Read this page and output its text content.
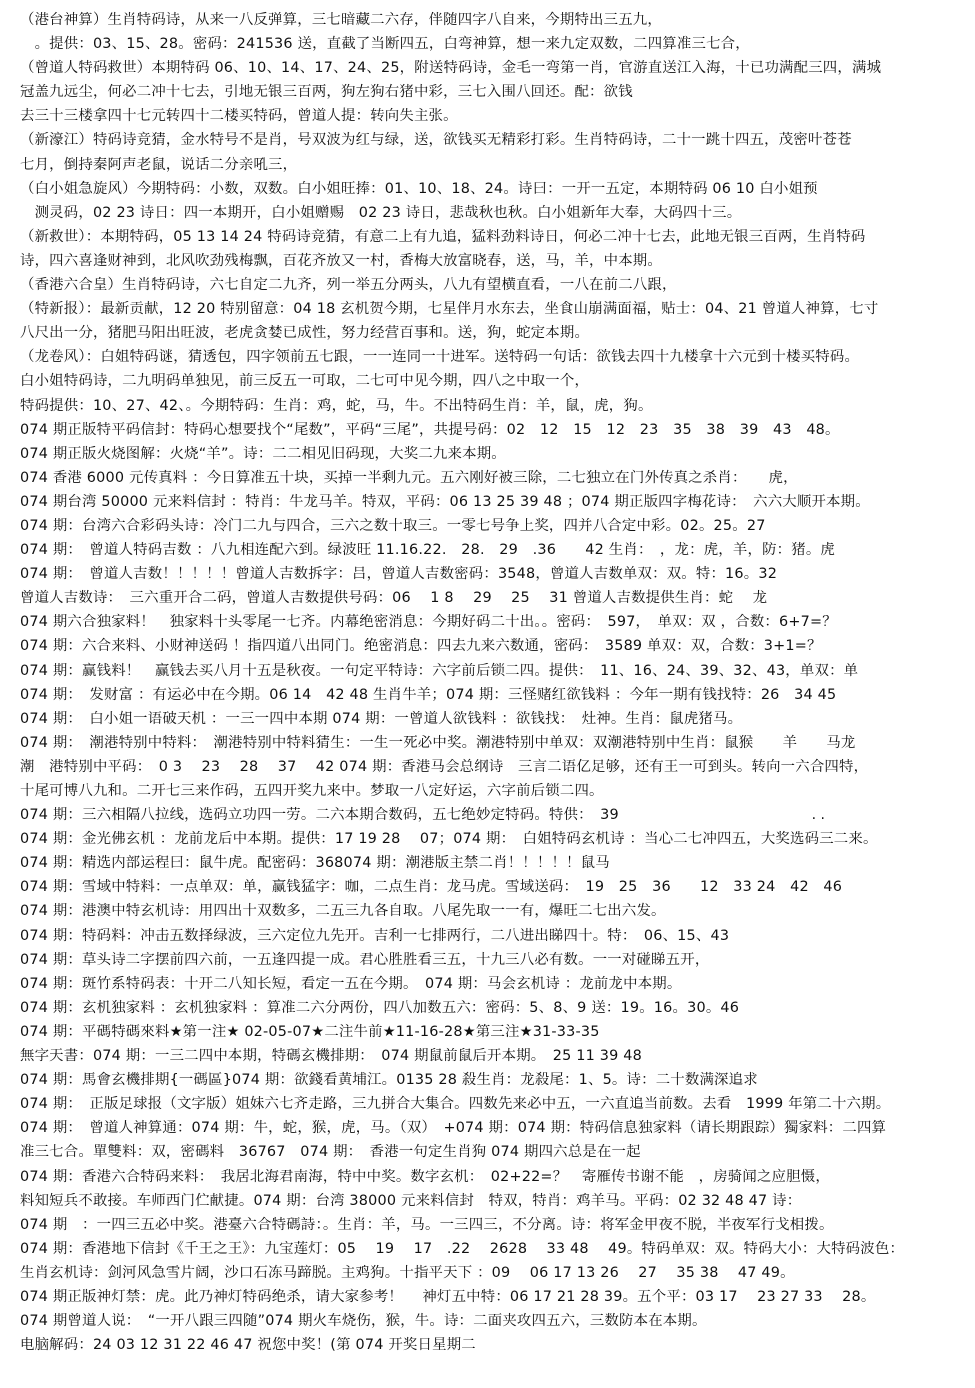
（港台神算）生肖特码诗，从来一八反弹算，三七暗藏二六存，伴随四字八自来，今期特出三五九，
　。提供：03、15、28。密码：241536 送，直截了当断四五，白弯神算，想一来九定双数，二四算准三七合，
（曾道人特码救世）本期特码 06、10、14、17、24、25，附送特码诗，金毛一弯第一肖，官游直送江入海，十已功满配三四，满城
冠盖九远尘，何必二冲十七去，引地无银三百两，狗左狗右猪中彩，三七入围八回还。配：欲钱
去三十三楼拿四十七元转四十二楼买特码，曾道人提：转向失主张。
（新濠江）特码诗竞猜，金水特号不是肖，号双波为红与绿，送，欲钱买无精彩打彩。生肖特码诗，二十一跳十四五，茂密叶苍苍
七月，倒持秦阿声老鼠，说话二分亲吼三，
（白小姐急旋风）今期特码：小数，双数。白小姐旺捧：01、10、18、24。诗曰：一开一五定，本期特码 06 10 白小姐预
　测灵码，02 23 诗日：四一本期开，白小姐赠赐　02 23 诗日，悲哉秋也秋。白小姐新年大奉，大码四十三。
（新救世）：本期特码，05 13 14 24 特码诗竞猜，有意二上有九追，猛料劲料诗日，何必二冲十七去，此地无银三百两，生肖特码
诗，四六喜逢财神到，北风吹劲残梅飘，百花齐放又一村，香梅大放富晓春，送，马，羊，中本期。
（香港六合皇）生肖特码诗，六七自定二九齐，列一举五分两头，八九有望横直看，一八在前二八跟，
（特新报）：最新贡献，12 20 特别留意：04 18 玄机贺今期，七星伴月水东去，坐食山崩满面福，贴士：04、21 曾道人神算，七寸
八尺出一分，猪肥马阳出旺波，老虎贪婪已成性，努力经营百事和。送，狗，蛇定本期。
（龙卷风）：白姐特码谜，猜透包，四字领前五七跟，一一连同一十进军。送特码一句话：欲钱去四十九楼拿十六元到十楼买特码。
白小姐特码诗，二九明码单独见，前三反五一可取，二七可中见今期，四八之中取一个，
特码提供：10、27、42、。今期特码：生肖：鸡，蛇，马，牛。不出特码生肖：羊，鼠，虎，狗。
074 期正版特平码信封：特码心想要找个“尾数”，平码“三尾”，共提号码：02　12　15　12　23　35　38　39　43　48。
074 期正版火烧图解：火烧“羊”。诗：二二相见旧码现，大奖二九来本期。
074 香港 6000 元传真料 ：今日算准五十块，买掉一半剩九元。五六刚好被三除，二七独立在门外传真之杀肖：　　虎，
074 期台湾 50000 元来料信封 ：特肖：牛龙马羊。特双，平码：06 13 25 39 48 ；074 期正版四字梅花诗：　六六大顺开本期。
074 期：台湾六合彩码头诗：冷门二九与四合，三六之数十取三。一零七号争上奖，四并八合定中彩。02。25。27
074 期：　曾道人特码吉数 ：八九相连配六到。绿波旺 11.16.22.　28.　29　.36　　42 生肖：　，龙：虎，羊，防：猪。虎
074 期：　曾道人吉数！！！！！曾道人吉数拆字：吕，曾道人吉数密码：3548，曾道人吉数单双：双。特：16。32
曾道人吉数诗：　三六重开合二码，曾道人吉数提供号码：06　 1 8　 29　 25　 31 曾道人吉数提供生肖：蛇　 龙
074 期六合独家料！　独家料十头零尾一七齐。内幕绝密消息：今期好码二十出。。密码：　597，　单双：双 ，合数：6+7=？
074 期：六合来料、小财神送码 ！指四道八出同门。绝密消息：四去九来六数通，密码：　3589 单双：双，合数：3+1=？
074 期：赢钱料！　赢钱去买八月十五是秋夜。一句定平特诗：六字前后锁二四。提供：　11、16、24、39、32、43，单双：单
074 期：　发财富 ：有运必中在今期。06 14　42 48 生肖牛羊；074 期：三怪赌红欲钱料 ：今年一期有钱找特：26　34 45
074 期：　白小姐一语破天机 ：一三一四中本期 074 期：一曾道人欲钱料 ：欲钱找：　灶神。生肖：鼠虎猪马。
074 期：　潮港特别中特料：　潮港特别中特料猜生：一生一死必中奖。潮港特别中单双：双潮港特别中生肖：鼠猴　　羊　　马龙
潮　港特别中平码：　0 3　 23　 28　 37　 42 074 期：香港马会总纲诗　三言二语亿足够，还有王一可到头。转向一六合四特，
十尾可博八九和。二开七三来作码，五四开奖九来中。梦取一八定好运，六字前后锁二四。
074 期：三六相隔八拉线，选码立功四一劳。二六本期合数码，五七绝妙定特码。特供：　39
074 期：金光佛玄机 ：龙前龙后中本期。提供：17 19 28　 07；074 期：　白姐特码玄机诗 ：当心二七冲四五，大奖选码三二来。
074 期：精选内部运程曰：鼠牛虎。配密码：368074 期：潮港版主禁二肖！！！！！鼠马
074 期：雪域中特料：一点单双：单，赢钱猛字：咖，二点生肖：龙马虎。雪域送码：　19　25　36　　12　33 24　42　46
074 期：港澳中特玄机诗：用四出十双数多，二五三九各自取。八尾先取一一有，爆旺二七出六发。
074 期：特码料：冲击五数择绿波，三六定位九先开。吉利一七排两行，二八进出睇四十。特：　06、15、43
074 期：草头诗二字摆前四六前，一五逢四提一成。君心胜胜看三五，十九三八必有数。一一对碰睇五开，
074 期：斑竹系特码表：十开二八知长短，看定一五在今期。　074 期：马会玄机诗 ：龙前龙中本期。
074 期：玄机独家料 ：玄机独家料 ：算准二六分两份，四八加数五六：密码：5、8、9 送：19。16。30。46
074 期：平碼特碼來料★第一注★ 02-05-07★二注牛前★11-16-28★第三注★31-33-35
無字天書：074 期：一三二四中本期，特碼玄機排期：　074 期鼠前鼠后开本期。　25 11 39 48
074 期：馬會玄機排期{一碼區}074 期：欲錢看黄埔江。0135 28 殺生肖：龙殺尾：1、5。诗：二十数满深追求
074 期：　正版足球报（文字版）姐妹六七齐走路，三九拼合大集合。四数先来必中五，一六直追当前数。去看　1999 年第二十六期。
074 期：　曾道人神算通：074 期：牛，蛇，猴，虎，马。（双）　+074 期：074 期：特码信息独家料（请长期跟踪）獨家料：二四算
准三七合。單雙料：双，密碼料　36767　074 期：　香港一句定生肖狗 074 期四六总是在一起
074 期：香港六合特码来料：　我居北海君南海，特中中奖。数字玄机：　02+22=？　寄雁传书谢不能　，房骑闻之应胆慑，
料知短兵不敢接。车师西门伫献捷。074 期：台湾 38000 元来料信封　特双，特肖：鸡羊马。平码：02 32 48 47 诗：
074 期　：一四三五必中奖。港臺六合特碼詩：。生肖：羊，马。一三四三，不分离。诗：将军金甲夜不脱，半夜军行戈相拨。
074 期：香港地下信封《千王之王》：九宝莲灯：05　 19　 17　.22　 2628　 33 48　 49。特码单双：双。特码大小：大特码波色：
生肖玄机诗：剑河风急雪片阔，沙口石冻马蹄脱。主鸡狗。十指平天下 ：09　 06 17 13 26　 27　 35 38　 47 49。
074 期正版神灯禁：虎。此乃神灯特码绝杀，请大家参考！　 神灯五中特：06 17 21 28 39。五个平：03 17　 23 27 33　 28。
074 期曾道人说：　“一开八跟三四随”074 期火车烧伤，猴，牛。诗：二面夹攻四五六，三数防本在本期。
电脑解码：24 03 12 31 22 46 47 祝您中奖！(第 074 开奖日星期二
· ·
